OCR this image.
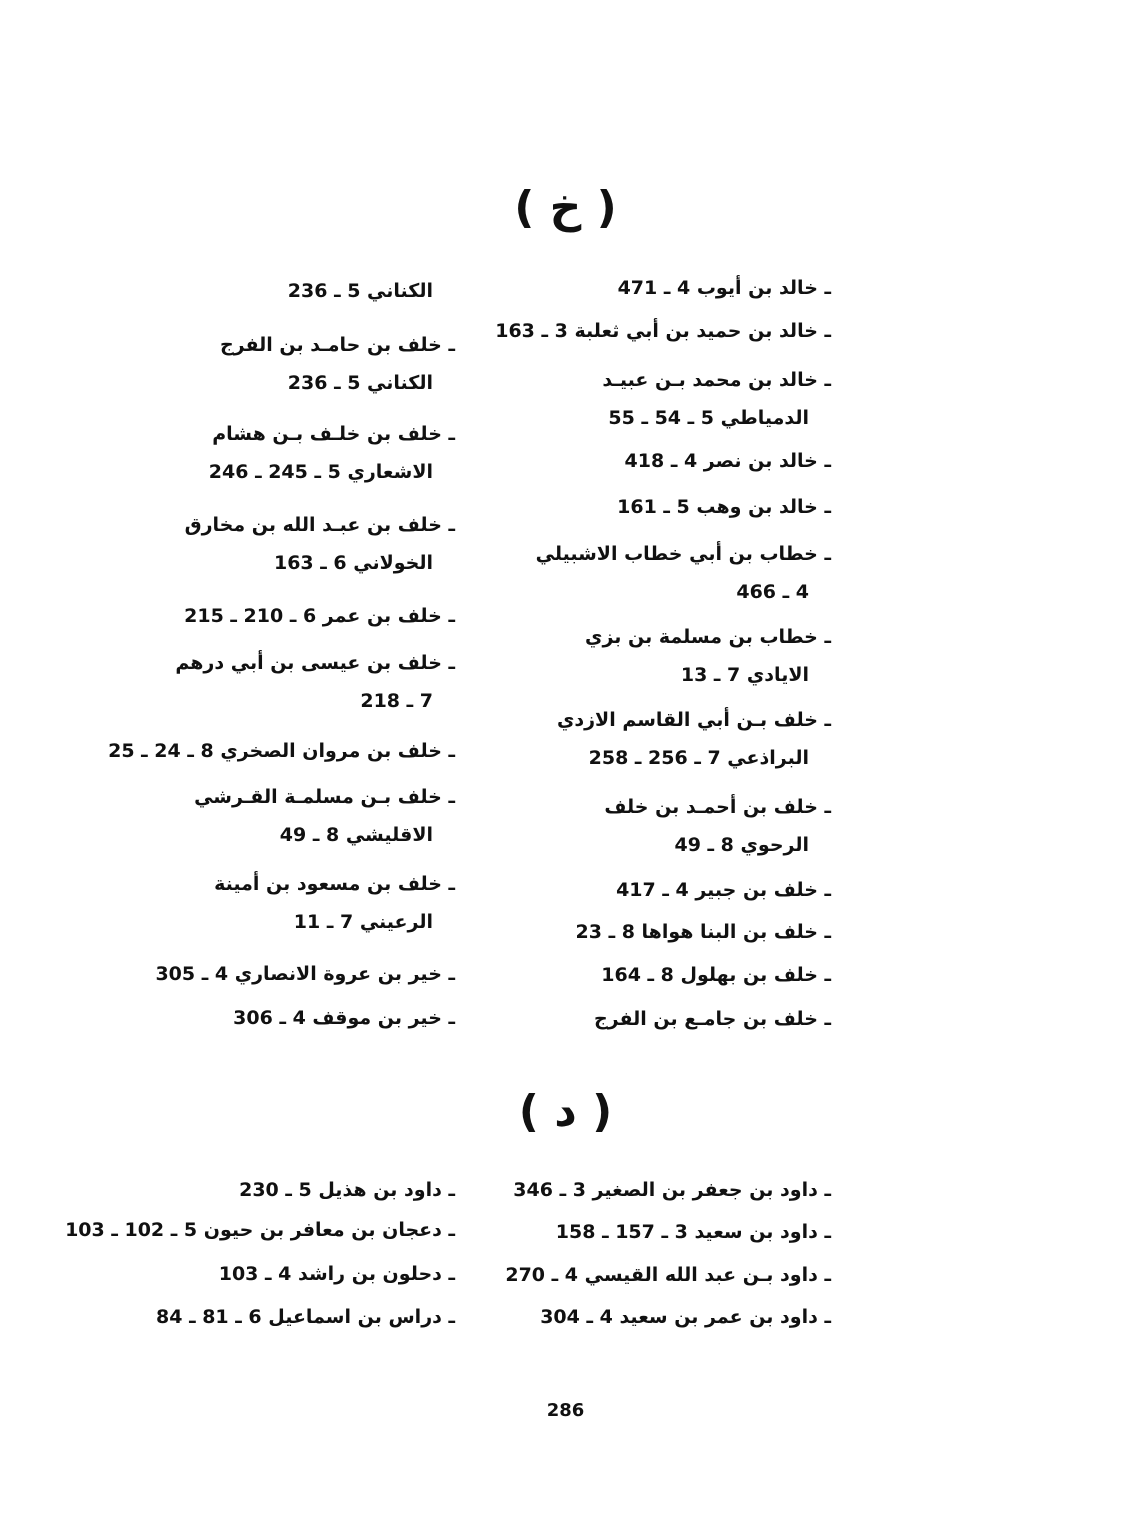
( خ )
ـ خالد بن أيوب 4 ـ 471
ـ خالد بن حميد بن أبي ثعلبة 3 ـ 163
ـ خالد بن محمد بـن عبيـد
الدمياطي 5 ـ 54 ـ 55
ـ خالد بن نصر 4 ـ 418
ـ خالد بن وهب 5 ـ 161
ـ خطاب بن أبي خطاب الاشبيلي
4 ـ 466
ـ خطاب بن مسلمة بن بزي
الايادي 7 ـ 13
ـ خلف بـن أبي القاسم الازدي
البراذعي 7 ـ 256 ـ 258
ـ خلف بن أحمـد بن خلف
الرحوي 8 ـ 49
ـ خلف بن جبير 4 ـ 417
ـ خلف بن البنا هواها 8 ـ 23
ـ خلف بن بهلول 8 ـ 164
ـ خلف بن جامـع بن الفرج
الكناني 5 ـ 236
ـ خلف بن حامـد بن الفرج
الكناني 5 ـ 236
ـ خلف بن خلـف بـن هشام
الاشعاري 5 ـ 245 ـ 246
ـ خلف بن عبـد الله بن مخارق
الخولاني 6 ـ 163
ـ خلف بن عمر 6 ـ 210 ـ 215
ـ خلف بن عيسى بن أبي درهم
7 ـ 218
ـ خلف بن مروان الصخري 8 ـ 24 ـ 25
ـ خلف بـن مسلمـة القـرشي
الاقليشي 8 ـ 49
ـ خلف بن مسعود بن أمينة
الرعيني 7 ـ 11
ـ خير بن عروة الانصاري 4 ـ 305
ـ خير بن موقف 4 ـ 306
( د )
ـ داود بن جعفر بن الصغير 3 ـ 346
ـ داود بن سعيد 3 ـ 157 ـ 158
ـ داود بـن عبد الله القيسي 4 ـ 270
ـ داود بن عمر بن سعيد 4 ـ 304
ـ داود بن هذيل 5 ـ 230
ـ دعجان بن معافر بن حيون 5 ـ 102 ـ 103
ـ دحلون بن راشد 4 ـ 103
ـ دراس بن اسماعيل 6 ـ 81 ـ 84
286
